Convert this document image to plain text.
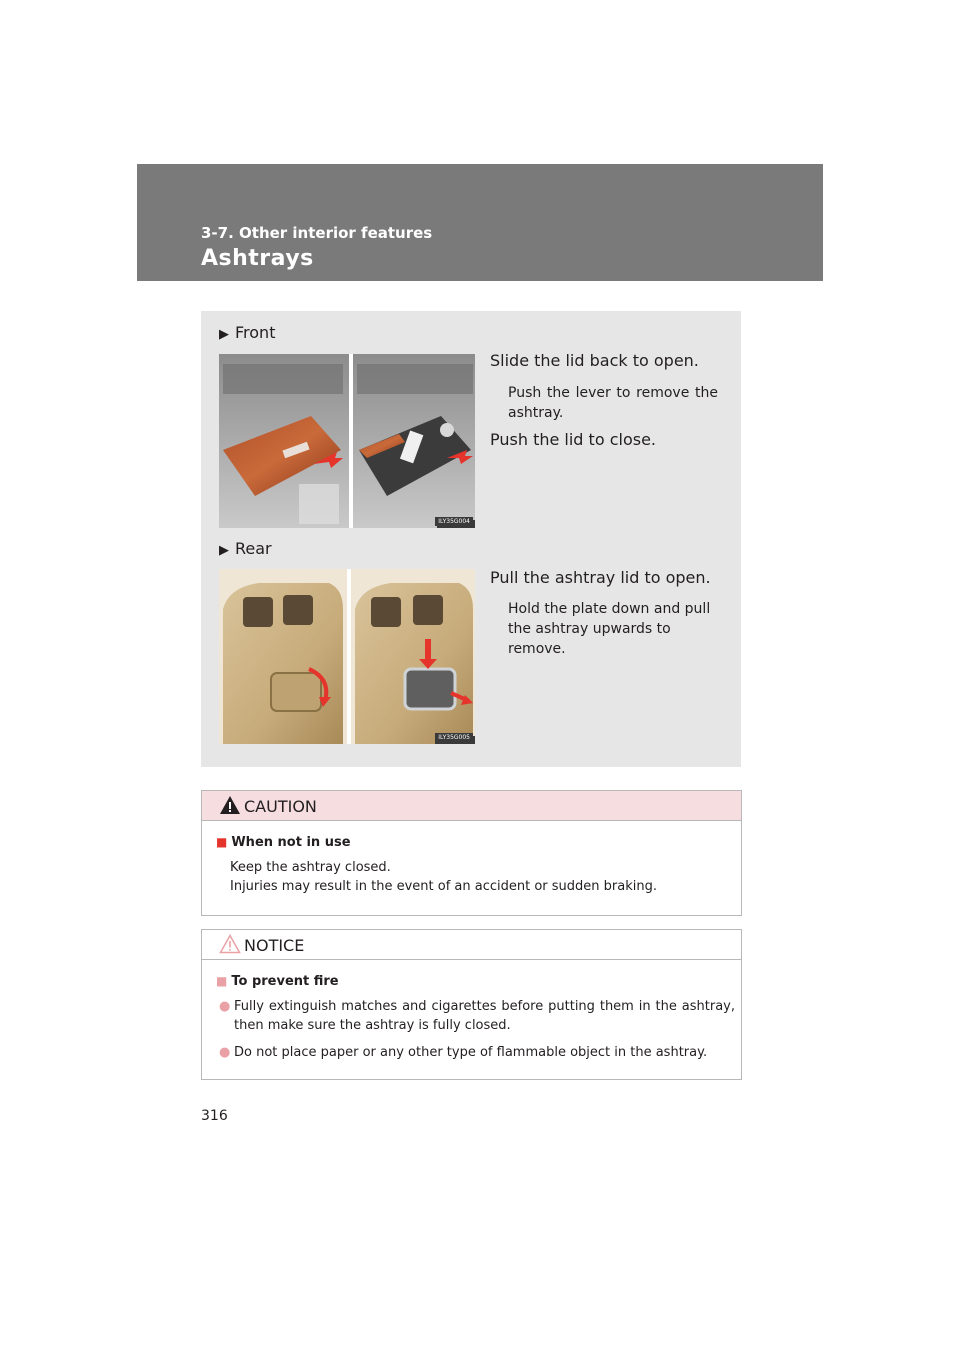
3-7. Other interior features
Ashtrays
▶ Front
ILY35G004
Slide the lid back to open.
Push the lever to remove the ashtray.
Push the lid to close.
▶ Rear
ILY35G005
Pull the ashtray lid to open.
Hold the plate down and pull the ashtray upwards to remove.
CAUTION
■ When not in use
Keep the ashtray closed.
Injuries may result in the event of an accident or sudden braking.
NOTICE
■ To prevent fire
● Fully extinguish matches and cigarettes before putting them in the ashtray, then make sure the ashtray is fully closed.
● Do not place paper or any other type of flammable object in the ashtray.
316
